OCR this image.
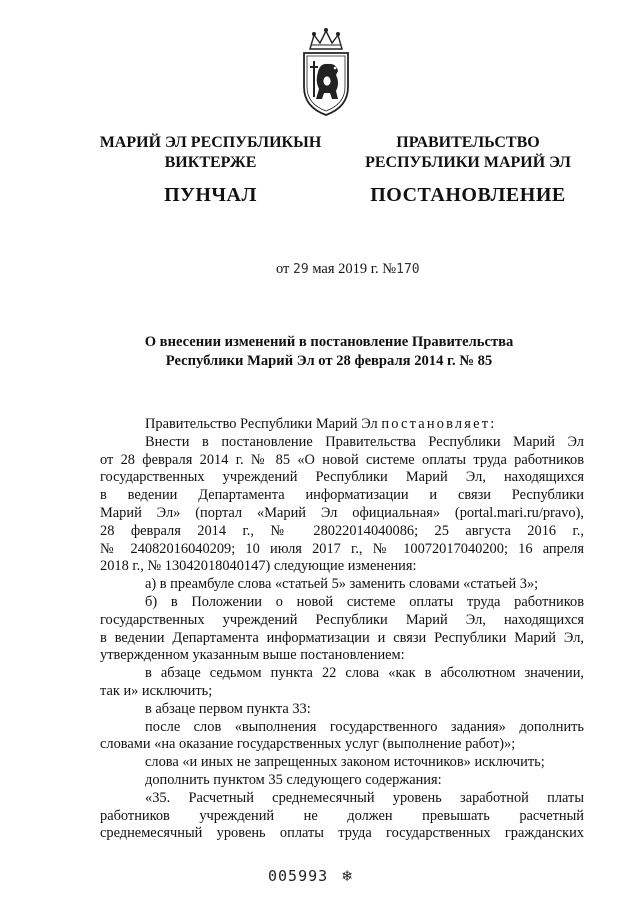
МАРИЙ ЭЛ РЕСПУБЛИКЫН
ВИКТЕРЖЕ
ПУНЧАЛ
ПРАВИТЕЛЬСТВО
РЕСПУБЛИКИ МАРИЙ ЭЛ
ПОСТАНОВЛЕНИЕ
от 29 мая 2019 г. №170
О внесении изменений в постановление Правительства
Республики Марий Эл от 28 февраля 2014 г. № 85

Правительство Республики Марий Эл постановляет:

Внести в постановление Правительства Республики Марий Эл

от 28 февраля 2014 г. № 85 «О новой системе оплаты труда работников

государственных учреждений Республики Марий Эл, находящихся

в ведении Департамента информатизации и связи Республики

Марий Эл» (портал «Марий Эл официальная» (portal.mari.ru/pravo),

28 февраля 2014 г., № 28022014040086; 25 августа 2016 г.,

№ 24082016040209; 10 июля 2017 г., № 10072017040200; 16 апреля

2018 г., № 13042018040147) следующие изменения:

а) в преамбуле слова «статьей 5» заменить словами «статьей 3»;

б) в Положении о новой системе оплаты труда работников

государственных учреждений Республики Марий Эл, находящихся

в ведении Департамента информатизации и связи Республики Марий Эл,

утвержденном указанным выше постановлением:

в абзаце седьмом пункта 22 слова «как в абсолютном значении,

так и» исключить;

в абзаце первом пункта 33:

после слов «выполнения государственного задания» дополнить

словами «на оказание государственных услуг (выполнение работ)»;

слова «и иных не запрещенных законом источников» исключить;

дополнить пунктом 35 следующего содержания:

«35. Расчетный среднемесячный уровень заработной платы

работников учреждений не должен превышать расчетный

среднемесячный уровень оплаты труда государственных гражданских

005993 ❄
